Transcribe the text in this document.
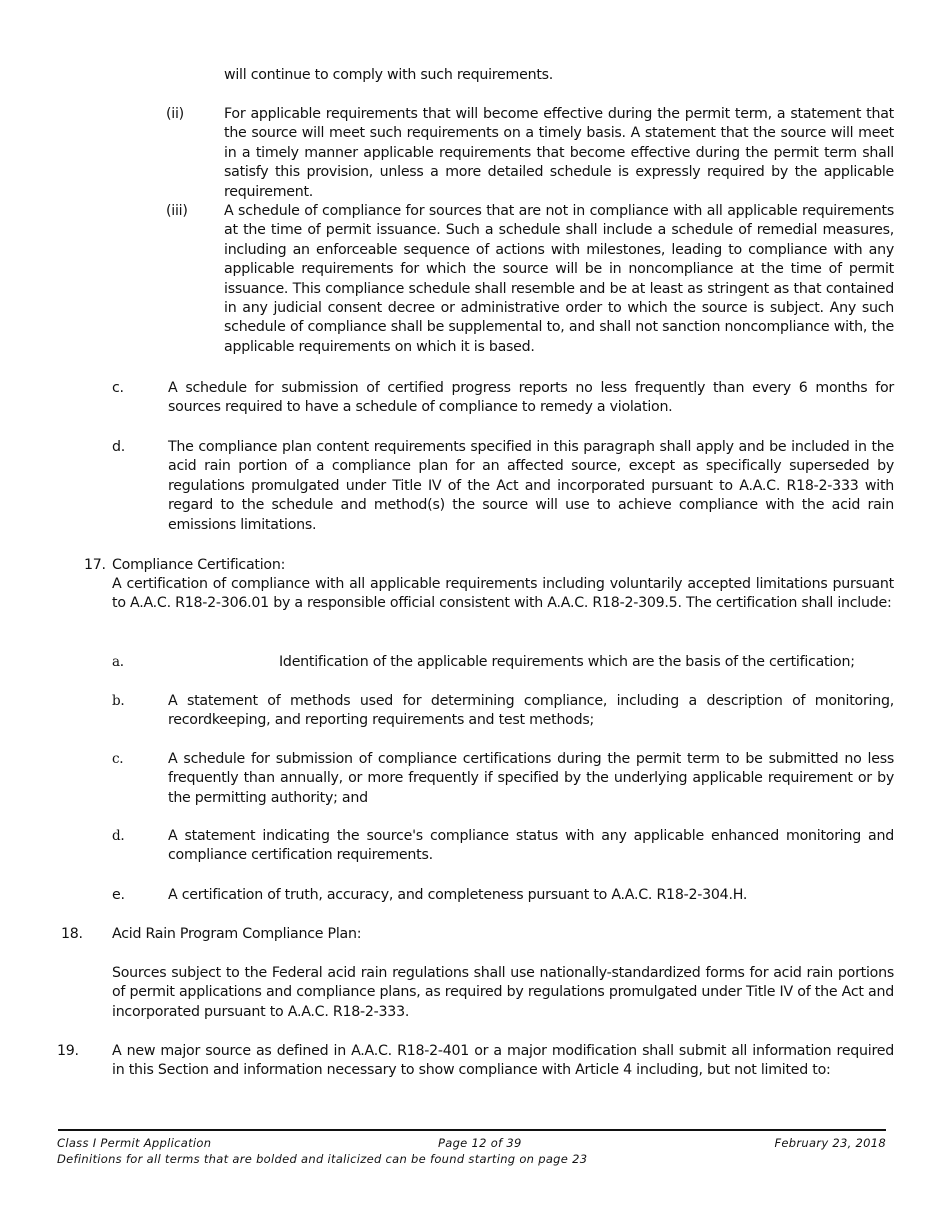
will continue to comply with such requirements.
(ii)	For applicable requirements that will become effective during the permit term, a statement that the source will meet such requirements on a timely basis. A statement that the source will meet in a timely manner applicable requirements that become effective during the permit term shall satisfy this provision, unless a more detailed schedule is expressly required by the applicable requirement.
(iii)	A schedule of compliance for sources that are not in compliance with all applicable requirements at the time of permit issuance. Such a schedule shall include a schedule of remedial measures, including an enforceable sequence of actions with milestones, leading to compliance with any applicable requirements for which the source will be in noncompliance at the time of permit issuance. This compliance schedule shall resemble and be at least as stringent as that contained in any judicial consent decree or administrative order to which the source is subject. Any such schedule of compliance shall be supplemental to, and shall not sanction noncompliance with, the applicable requirements on which it is based.
c.	A schedule for submission of certified progress reports no less frequently than every 6 months for sources required to have a schedule of compliance to remedy a violation.
d.	The compliance plan content requirements specified in this paragraph shall apply and be included in the acid rain portion of a compliance plan for an affected source, except as specifically superseded by regulations promulgated under Title IV of the Act and incorporated pursuant to A.A.C. R18-2-333 with regard to the schedule and method(s) the source will use to achieve compliance with the acid rain emissions limitations.
17. Compliance Certification:
A certification of compliance with all applicable requirements including voluntarily accepted limitations pursuant to A.A.C. R18-2-306.01 by a responsible official consistent with A.A.C. R18-2-309.5. The certification shall include:
a.	Identification of the applicable requirements which are the basis of the certification;
b.	A statement of methods used for determining compliance, including a description of monitoring, recordkeeping, and reporting requirements and test methods;
c.	A schedule for submission of compliance certifications during the permit term to be submitted no less frequently than annually, or more frequently if specified by the underlying applicable requirement or by the permitting authority; and
d.	A statement indicating the source's compliance status with any applicable enhanced monitoring and compliance certification requirements.
e.	A certification of truth, accuracy, and completeness pursuant to A.A.C. R18-2-304.H.
18. Acid Rain Program Compliance Plan:
Sources subject to the Federal acid rain regulations shall use nationally-standardized forms for acid rain portions of permit applications and compliance plans, as required by regulations promulgated under Title IV of the Act and incorporated pursuant to A.A.C. R18-2-333.
19. A new major source as defined in A.A.C. R18-2-401 or a major modification shall submit all information required in this Section and information necessary to show compliance with Article 4 including, but not limited to:
Class I Permit Application	Page 12 of 39	February 23, 2018
Definitions for all terms that are bolded and italicized can be found starting on page 23
